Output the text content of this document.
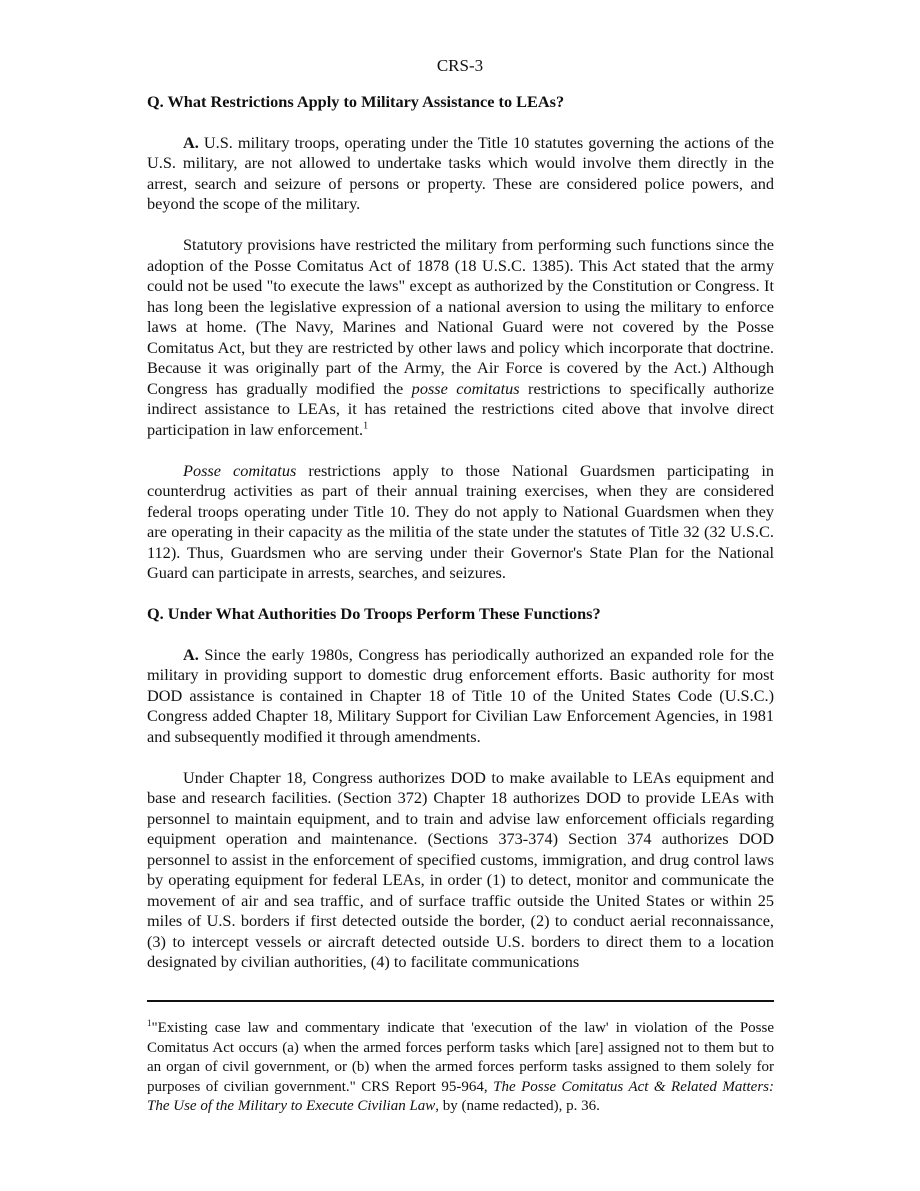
CRS-3
Q. What Restrictions Apply to Military Assistance to LEAs?

A. U.S. military troops, operating under the Title 10 statutes governing the actions of the U.S. military, are not allowed to undertake tasks which would involve them directly in the arrest, search and seizure of persons or property. These are considered police powers, and beyond the scope of the military.

Statutory provisions have restricted the military from performing such functions since the adoption of the Posse Comitatus Act of 1878 (18 U.S.C. 1385). This Act stated that the army could not be used "to execute the laws" except as authorized by the Constitution or Congress. It has long been the legislative expression of a national aversion to using the military to enforce laws at home. (The Navy, Marines and National Guard were not covered by the Posse Comitatus Act, but they are restricted by other laws and policy which incorporate that doctrine. Because it was originally part of the Army, the Air Force is covered by the Act.) Although Congress has gradually modified the posse comitatus restrictions to specifically authorize indirect assistance to LEAs, it has retained the restrictions cited above that involve direct participation in law enforcement.$^1$

Posse comitatus restrictions apply to those National Guardsmen participating in counterdrug activities as part of their annual training exercises, when they are considered federal troops operating under Title 10. They do not apply to National Guardsmen when they are operating in their capacity as the militia of the state under the statutes of Title 32 (32 U.S.C. 112). Thus, Guardsmen who are serving under their Governor's State Plan for the National Guard can participate in arrests, searches, and seizures.

Q. Under What Authorities Do Troops Perform These Functions?

A. Since the early 1980s, Congress has periodically authorized an expanded role for the military in providing support to domestic drug enforcement efforts. Basic authority for most DOD assistance is contained in Chapter 18 of Title 10 of the United States Code (U.S.C.) Congress added Chapter 18, Military Support for Civilian Law Enforcement Agencies, in 1981 and subsequently modified it through amendments.

Under Chapter 18, Congress authorizes DOD to make available to LEAs equipment and base and research facilities. (Section 372) Chapter 18 authorizes DOD to provide LEAs with personnel to maintain equipment, and to train and advise law enforcement officials regarding equipment operation and maintenance. (Sections 373-374) Section 374 authorizes DOD personnel to assist in the enforcement of specified customs, immigration, and drug control laws by operating equipment for federal LEAs, in order (1) to detect, monitor and communicate the movement of air and sea traffic, and of surface traffic outside the United States or within 25 miles of U.S. borders if first detected outside the border, (2) to conduct aerial reconnaissance, (3) to intercept vessels or aircraft detected outside U.S. borders to direct them to a location designated by civilian authorities, (4) to facilitate communications

$^1$"Existing case law and commentary indicate that 'execution of the law' in violation of the Posse Comitatus Act occurs (a) when the armed forces perform tasks which [are] assigned not to them but to an organ of civil government, or (b) when the armed forces perform tasks assigned to them solely for purposes of civilian government." CRS Report 95-964, The Posse Comitatus Act & Related Matters: The Use of the Military to Execute Civilian Law, by (name redacted), p. 36.
